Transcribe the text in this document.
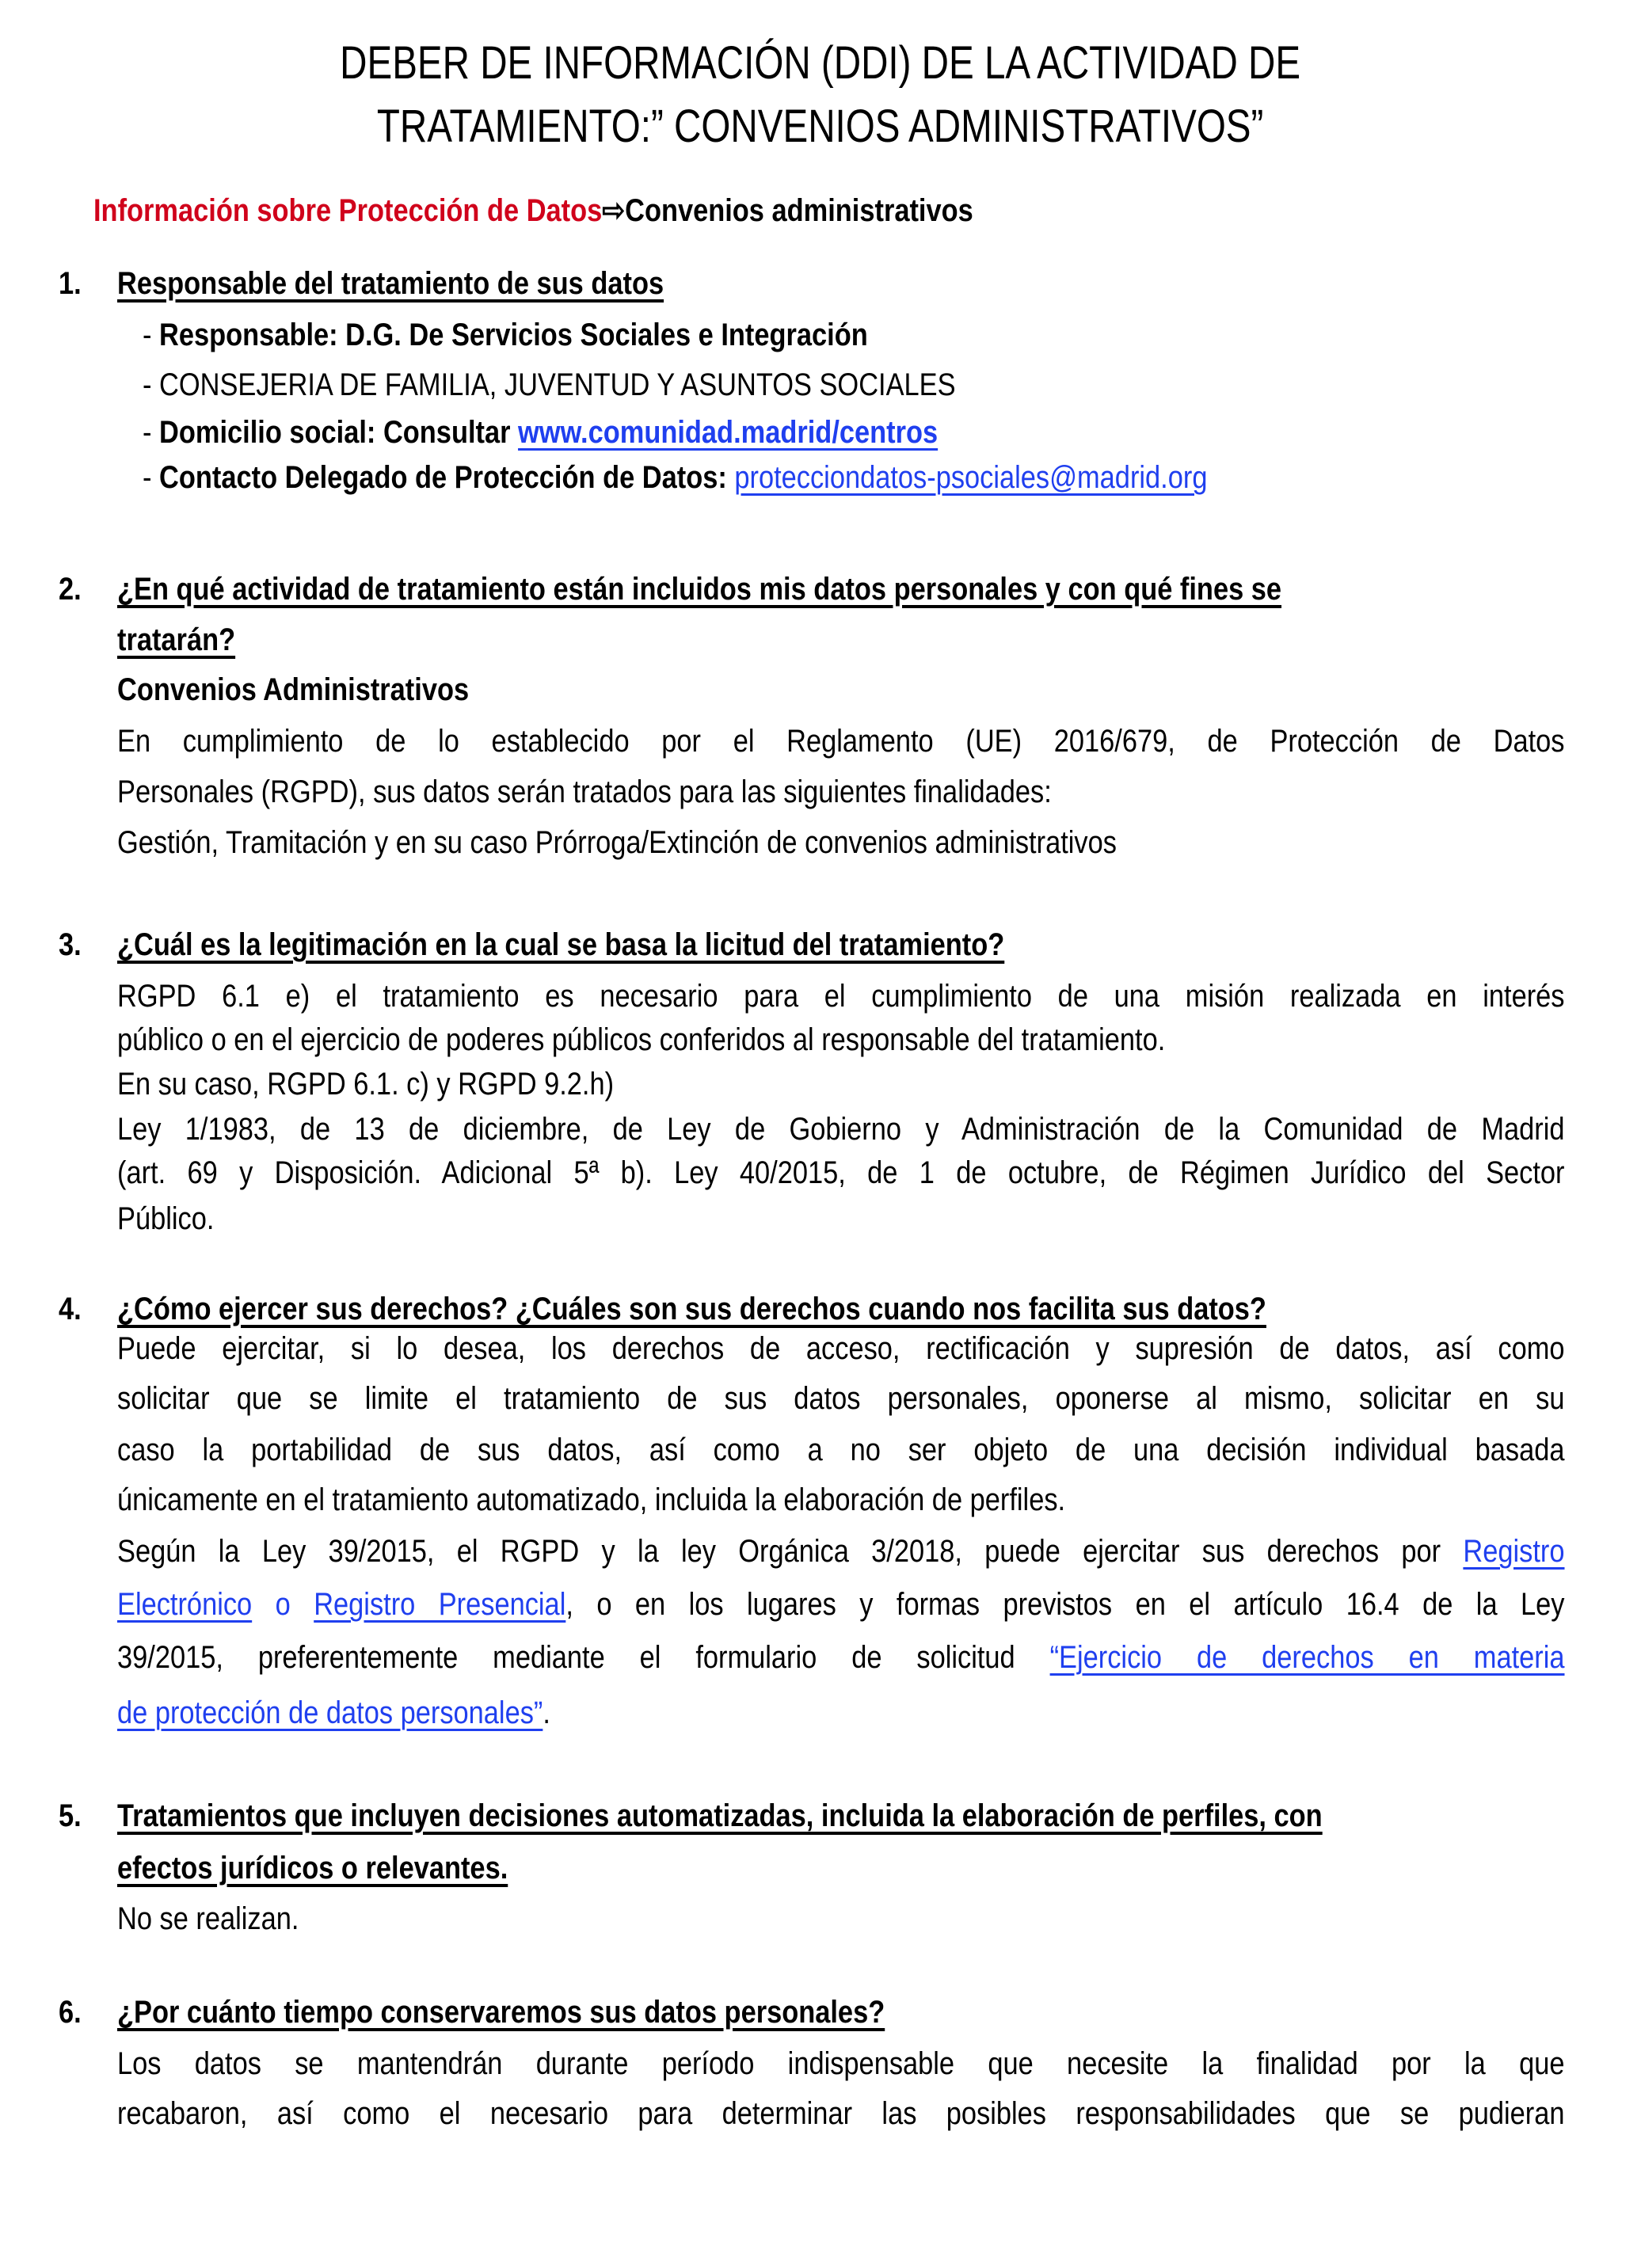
DEBER DE INFORMACIÓN (DDI) DE LA ACTIVIDAD DE
TRATAMIENTO:” CONVENIOS ADMINISTRATIVOS”
Información sobre Protección de Datos⇨Convenios administrativos
1. Responsable del tratamiento de sus datos
- Responsable: D.G. De Servicios Sociales e Integración
- CONSEJERIA DE FAMILIA, JUVENTUD Y ASUNTOS SOCIALES
- Domicilio social: Consultar www.comunidad.madrid/centros
- Contacto Delegado de Protección de Datos: protecciondatos-psociales@madrid.org
2. ¿En qué actividad de tratamiento están incluidos mis datos personales y con qué fines se
tratarán?
Convenios Administrativos
En cumplimiento de lo establecido por el Reglamento (UE) 2016/679, de Protección de Datos
Personales (RGPD), sus datos serán tratados para las siguientes finalidades:
Gestión, Tramitación y en su caso Prórroga/Extinción de convenios administrativos
3. ¿Cuál es la legitimación en la cual se basa la licitud del tratamiento?
RGPD 6.1 e) el tratamiento es necesario para el cumplimiento de una misión realizada en interés
público o en el ejercicio de poderes públicos conferidos al responsable del tratamiento.
En su caso, RGPD 6.1. c) y RGPD 9.2.h)
Ley 1/1983, de 13 de diciembre, de Ley de Gobierno y Administración de la Comunidad de Madrid
(art. 69 y Disposición. Adicional 5ª b). Ley 40/2015, de 1 de octubre, de Régimen Jurídico del Sector
Público.
4. ¿Cómo ejercer sus derechos? ¿Cuáles son sus derechos cuando nos facilita sus datos?
Puede ejercitar, si lo desea, los derechos de acceso, rectificación y supresión de datos, así como
solicitar que se limite el tratamiento de sus datos personales, oponerse al mismo, solicitar en su
caso la portabilidad de sus datos, así como a no ser objeto de una decisión individual basada
únicamente en el tratamiento automatizado, incluida la elaboración de perfiles.
Según la Ley 39/2015, el RGPD y la ley Orgánica 3/2018, puede ejercitar sus derechos por Registro
Electrónico o Registro Presencial, o en los lugares y formas previstos en el artículo 16.4 de la Ley
39/2015, preferentemente mediante el formulario de solicitud “Ejercicio de derechos en materia
de protección de datos personales”.
5. Tratamientos que incluyen decisiones automatizadas, incluida la elaboración de perfiles, con
efectos jurídicos o relevantes.
No se realizan.
6. ¿Por cuánto tiempo conservaremos sus datos personales?
Los datos se mantendrán durante período indispensable que necesite la finalidad por la que
recabaron, así como el necesario para determinar las posibles responsabilidades que se pudieran
